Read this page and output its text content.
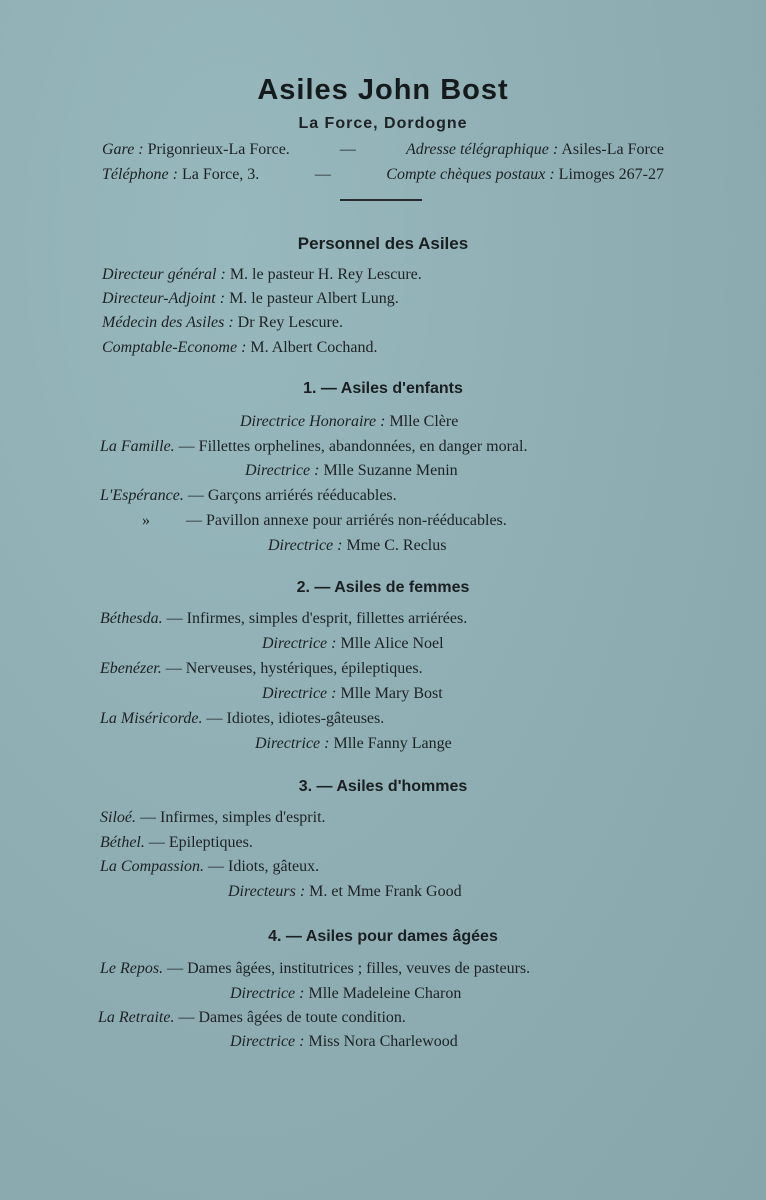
Asiles John Bost
La Force, Dordogne
Gare : Prigonrieux-La Force.	—	Adresse télégraphique : Asiles-La Force
Téléphone : La Force, 3.	—	Compte chèques postaux : Limoges 267-27
Personnel des Asiles
Directeur général : M. le pasteur H. Rey Lescure.
Directeur-Adjoint : M. le pasteur Albert Lung.
Médecin des Asiles : Dr Rey Lescure.
Comptable-Econome : M. Albert Cochand.
1. — Asiles d'enfants
Directrice Honoraire : Mlle Clère
La Famille. — Fillettes orphelines, abandonnées, en danger moral.
Directrice : Mlle Suzanne Menin
L'Espérance. — Garçons arriérés rééducables.
» — Pavillon annexe pour arriérés non-rééducables.
Directrice : Mme C. Reclus
2. — Asiles de femmes
Béthesda. — Infirmes, simples d'esprit, fillettes arriérées.
Directrice : Mlle Alice Noel
Ebenézer. — Nerveuses, hystériques, épileptiques.
Directrice : Mlle Mary Bost
La Miséricorde. — Idiotes, idiotes-gâteuses.
Directrice : Mlle Fanny Lange
3. — Asiles d'hommes
Siloé. — Infirmes, simples d'esprit.
Béthel. — Epileptiques.
La Compassion. — Idiots, gâteux.
Directeurs : M. et Mme Frank Good
4. — Asiles pour dames âgées
Le Repos. — Dames âgées, institutrices ; filles, veuves de pasteurs.
Directrice : Mlle Madeleine Charon
La Retraite. — Dames âgées de toute condition.
Directrice : Miss Nora Charlewood
